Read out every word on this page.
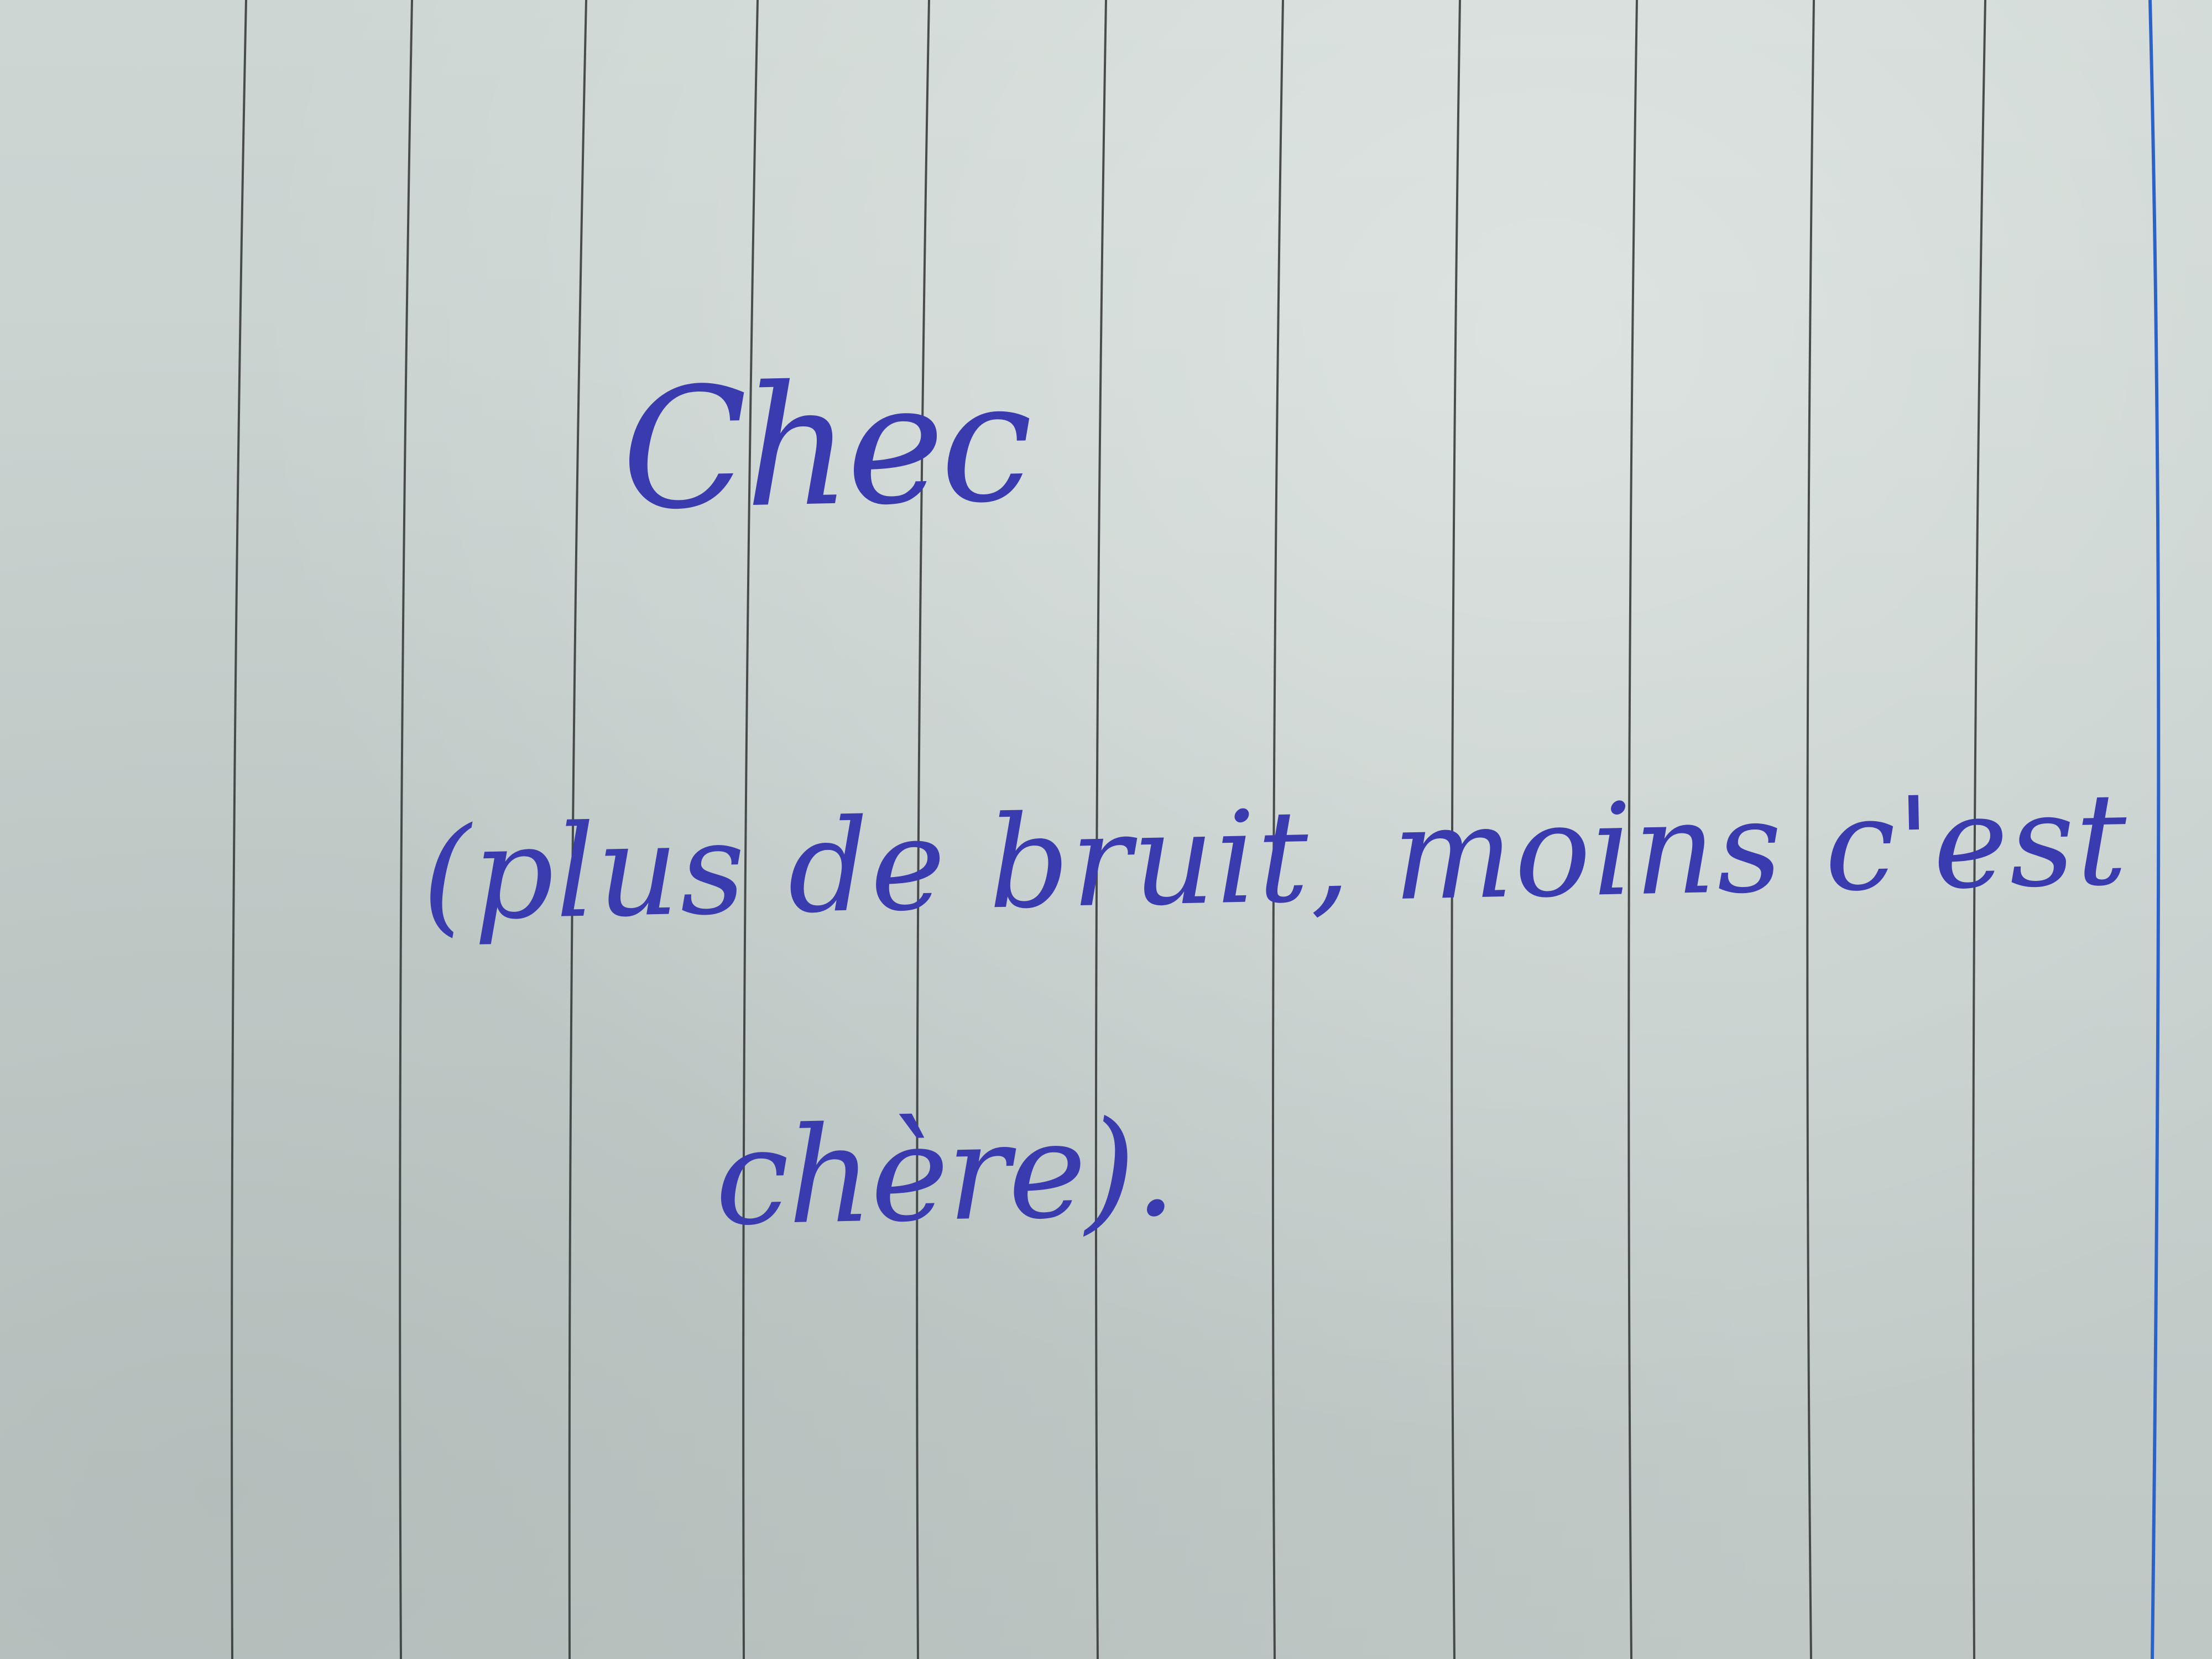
Chec

(plus de bruit, moins c'est

chère).
